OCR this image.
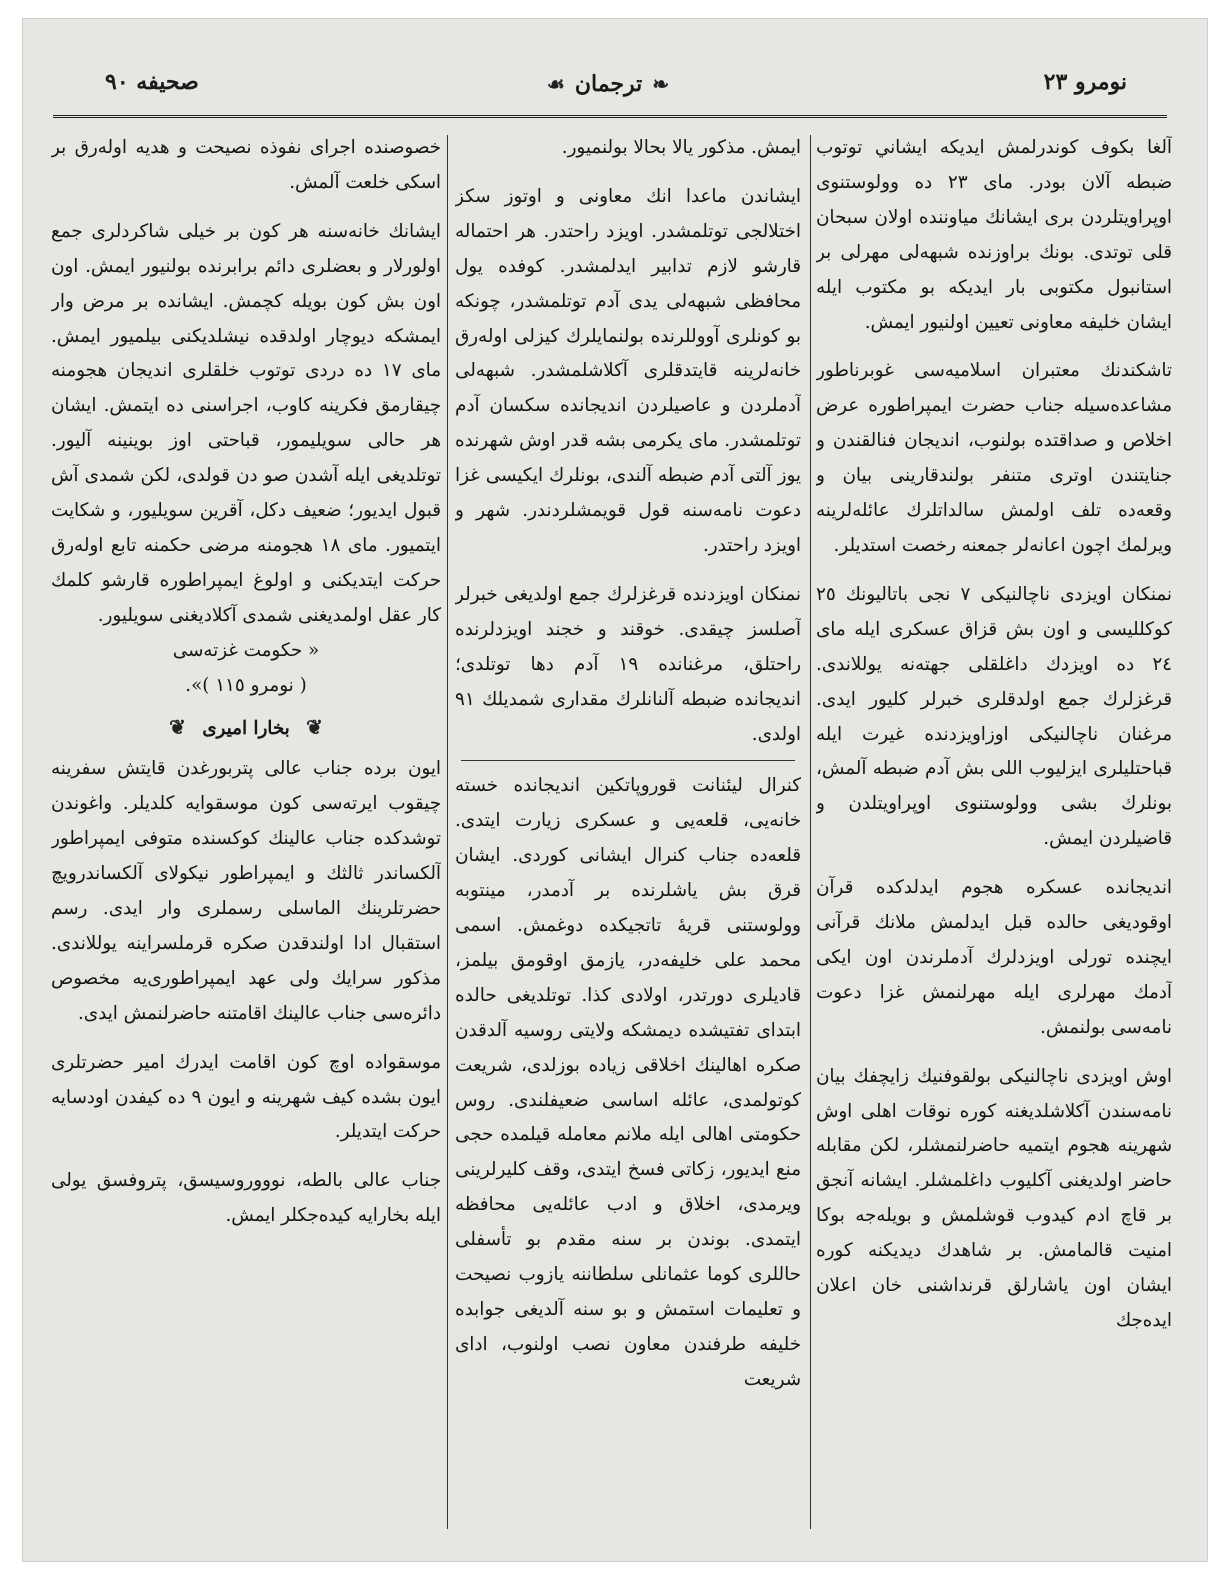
صحيفه ٩٠	❧
ترجمان
☙	نومرو ٢٣

آلغا بكوف كوندرلمش ايديكه ايشاني توتوب ضبطه آلان بودر. ماى ٢٣ ده وولوستنوى اوپراويتلردن برى ايشانك مياوننده اولان سبحان قلى توتدى. بونك براوزنده شبهه‌لى مهرلى بر استانبول مكتوبى بار ايديكه بو مكتوب ايله ايشان خليفه معاونى تعيين اولنيور ايمش.

تاشكندنك معتبران اسلاميه‌سى غوبرناطور مشاعده‌سيله جناب حضرت ايمپراطوره عرض اخلاص و صداقتده بولنوب، انديجان فنالقندن و جنايتندن اوترى متنفر بولندقارينى بيان و وقعه‌ده تلف اولمش سالداتلرك عائله‌لرينه ويرلمك اچون اعانه‌لر جمعنه رخصت استديلر.

نمنكان اويزدى ناچالنيكى ٧ نجى باتاليونك ٢٥ كوكلليسى و اون بش قزاق عسكرى ايله ماى ٢٤ ده اويزدك داغلقلى جهته‌نه يوللاندى. قرغزلرك جمع اولدقلرى خبرلر كليور ايدى. مرغنان ناچالنيكى اوزاويزدنده غيرت ايله قباحتليلرى ايزليوب اللى بش آدم ضبطه آلمش، بونلرك بشى وولوستنوى اوپراويتلدن و قاضيلردن ايمش.

انديجانده عسكره هجوم ايدلدكده قرآن اوقوديغى حالده قبل ايدلمش ملانك قرآنى ايچنده تورلى اويزدلرك آدملرندن اون ايكى آدمك مهرلرى ايله مهرلنمش غزا دعوت نامه‌سى بولنمش.

اوش اويزدى ناچالنيكى بولقوفنيك زايچفك بيان نامه‌سندن آكلاشلديغنه كوره نوقات اهلى اوش شهرينه هجوم ايتميه حاضرلنمشلر، لكن مقابله حاضر اولديغنى آكليوب داغلمشلر. ايشانه آنجق بر قاچ ادم كيدوب قوشلمش و بويله‌جه بوكا امنيت قالمامش. بر شاهدك ديديكنه كوره ايشان اون ياشارلق قرنداشنى خان اعلان ايده‌جك

ايمش. مذكور يالا بحالا بولنميور.

ايشاندن ماعدا انك معاونى و اوتوز سكز اختلالجى توتلمشدر. اويزد راحتدر. هر احتماله قارشو لازم تدابير ايدلمشدر. كوفده يول محافظى شبهه‌لى يدى آدم توتلمشدر، چونكه بو كونلرى آووللرنده بولنمايلرك كيزلى اوله‌رق خانه‌لرينه قايتدقلرى آكلاشلمشدر. شبهه‌لى آدملردن و عاصيلردن انديجانده سكسان آدم توتلمشدر. ماى يكرمى بشه قدر اوش شهرنده يوز آلتى آدم ضبطه آلندى، بونلرك ايكيسى غزا دعوت نامه‌سنه قول قويمشلردندر. شهر و اويزد راحتدر.

نمنكان اويزدنده قرغزلرك جمع اولديغى خبرلر آصلسز چيقدى. خوقند و خجند اويزدلرنده راحتلق، مرغنانده ١٩ آدم دها توتلدى؛ انديجانده ضبطه آلنانلرك مقدارى شمديلك ٩١ اولدى.

كنرال ليئنانت قوروپاتكين انديجانده خسته خانه‌يى، قلعه‌يى و عسكرى زيارت ايتدى. قلعه‌ده جناب كنرال ايشانى كوردى. ايشان قرق بش ياشلرنده بر آدمدر، مينتوبه وولوستنى قريه‌ٔ تاتجيكده دوغمش. اسمى محمد على خليفه‌در، يازمق اوقومق بيلمز، قاديلرى دورتدر، اولادى كذا. توتلديغى حالده ابتداى تفتيشده ديمشكه ولايتى روسيه آلدقدن صكره اهالينك اخلاقى زياده بوزلدى، شريعت كوتولمدى، عائله اساسى ضعيفلندى. روس حكومتى اهالى ايله ملانم معامله قيلمده حجى منع ايديور، زكاتى فسخ ايتدى، وقف كليرلرينى ويرمدى، اخلاق و ادب عائله‌يى محافظه ايتمدى. بوندن بر سنه مقدم بو تأسفلى حاللرى كوما عثمانلى سلطاننه يازوب نصيحت و تعليمات استمش و بو سنه آلديغى جوابده خليفه طرفندن معاون نصب اولنوب، اداى شريعت

خصوصنده اجراى نفوذه نصيحت و هديه اوله‌رق بر اسكى خلعت آلمش.

ايشانك خانه‌سنه هر كون بر خيلى شاكردلرى جمع اولورلار و بعضلرى دائم برابرنده بولنيور ايمش. اون اون بش كون بويله كچمش. ايشانده بر مرض وار ايمشكه ديوچار اولدقده نيشلديكنى بيلميور ايمش. ماى ١٧ ده دردى توتوب خلقلرى انديجان هجومنه چيقارمق فكرينه كاوب، اجراسنى ده ايتمش. ايشان هر حالى سويليمور، قباحتى اوز بوينينه آليور. توتلديغى ايله آشدن صو دن قولدى، لكن شمدى آش قبول ايديور؛ ضعيف دكل، آقرين سويليور، و شكايت ايتميور. ماى ١٨ هجومنه مرضى حكمنه تابع اوله‌رق حركت ايتديكنى و اولوغ ايمپراطوره قارشو كلمك كار عقل اولمديغنى شمدى آكلاديغنى سويليور.

« حكومت غزته‌سى

( نومرو ١١٥ )».

❦ بخارا اميرى ❦

ايون برده جناب عالى پتربورغدن قايتش سفرينه چيقوب ايرته‌سى كون موسقوايه كلديلر. واغوندن توشدكده جناب عالينك كوكسنده متوفى ايمپراطور آلكساندر ثالثك و ايمپراطور نيكولاى آلكساندرويچ حضرتلرينك الماسلى رسملرى وار ايدى. رسم استقبال ادا اولندقدن صكره قرملسراينه يوللاندى. مذكور سرايك ولى عهد ايمپراطورى‌يه مخصوص دائره‌سى جناب عالينك اقامتنه حاضرلنمش ايدى.

موسقواده اوچ كون اقامت ايدرك امير حضرتلرى ايون بشده كيف شهرينه و ايون ٩ ده كيفدن اودسايه حركت ايتديلر.

جناب عالى بالطه، نوووروسيسق، پتروفسق يولى ايله بخارايه كيده‌جكلر ايمش.
